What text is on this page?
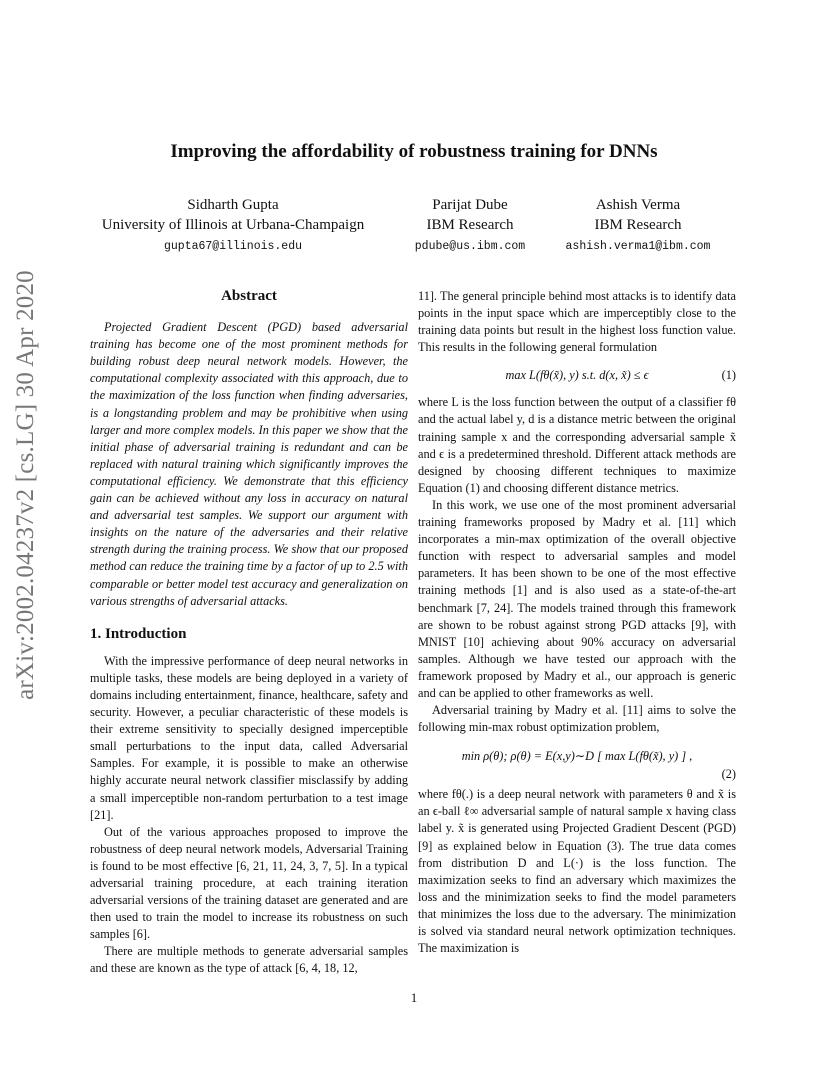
arXiv:2002.04237v2 [cs.LG] 30 Apr 2020
Improving the affordability of robustness training for DNNs
Sidharth Gupta
University of Illinois at Urbana-Champaign
gupta67@illinois.edu
Parijat Dube
IBM Research
pdube@us.ibm.com
Ashish Verma
IBM Research
ashish.verma1@ibm.com
Abstract

Projected Gradient Descent (PGD) based adversarial training has become one of the most prominent methods for building robust deep neural network models. However, the computational complexity associated with this approach, due to the maximization of the loss function when finding adversaries, is a longstanding problem and may be prohibitive when using larger and more complex models. In this paper we show that the initial phase of adversarial training is redundant and can be replaced with natural training which significantly improves the computational efficiency. We demonstrate that this efficiency gain can be achieved without any loss in accuracy on natural and adversarial test samples. We support our argument with insights on the nature of the adversaries and their relative strength during the training process. We show that our proposed method can reduce the training time by a factor of up to 2.5 with comparable or better model test accuracy and generalization on various strengths of adversarial attacks.

1. Introduction

With the impressive performance of deep neural networks in multiple tasks, these models are being deployed in a variety of domains including entertainment, finance, healthcare, safety and security. However, a peculiar characteristic of these models is their extreme sensitivity to specially designed imperceptible small perturbations to the input data, called Adversarial Samples. For example, it is possible to make an otherwise highly accurate neural network classifier misclassify by adding a small imperceptible non-random perturbation to a test image [21].

Out of the various approaches proposed to improve the robustness of deep neural network models, Adversarial Training is found to be most effective [6, 21, 11, 24, 3, 7, 5]. In a typical adversarial training procedure, at each training iteration adversarial versions of the training dataset are generated and are then used to train the model to increase its robustness on such samples [6].

There are multiple methods to generate adversarial samples and these are known as the type of attack [6, 4, 18, 12,

11]. The general principle behind most attacks is to identify data points in the input space which are imperceptibly close to the training data points but result in the highest loss function value. This results in the following general formulation

max L(fθ(x̃), y) s.t. d(x, x̃) ≤ ϵ	(1)

where L is the loss function between the output of a classifier fθ and the actual label y, d is a distance metric between the original training sample x and the corresponding adversarial sample x̃ and ϵ is a predetermined threshold. Different attack methods are designed by choosing different techniques to maximize Equation (1) and choosing different distance metrics.

In this work, we use one of the most prominent adversarial training frameworks proposed by Madry et al. [11] which incorporates a min-max optimization of the overall objective function with respect to adversarial samples and model parameters. It has been shown to be one of the most effective training methods [1] and is also used as a state-of-the-art benchmark [7, 24]. The models trained through this framework are shown to be robust against strong PGD attacks [9], with MNIST [10] achieving about 90% accuracy on adversarial samples. Although we have tested our approach with the framework proposed by Madry et al., our approach is generic and can be applied to other frameworks as well.

Adversarial training by Madry et al. [11] aims to solve the following min-max robust optimization problem,

min ρ(θ); ρ(θ) = E(x,y)∼D [ max L(fθ(x̃), y) ] ,
(2)

where fθ(.) is a deep neural network with parameters θ and x̃ is an ϵ-ball ℓ∞ adversarial sample of natural sample x having class label y. x̃ is generated using Projected Gradient Descent (PGD) [9] as explained below in Equation (3). The true data comes from distribution D and L(·) is the loss function. The maximization seeks to find an adversary which maximizes the loss and the minimization seeks to find the model parameters that minimizes the loss due to the adversary. The minimization is solved via standard neural network optimization techniques. The maximization is

1
